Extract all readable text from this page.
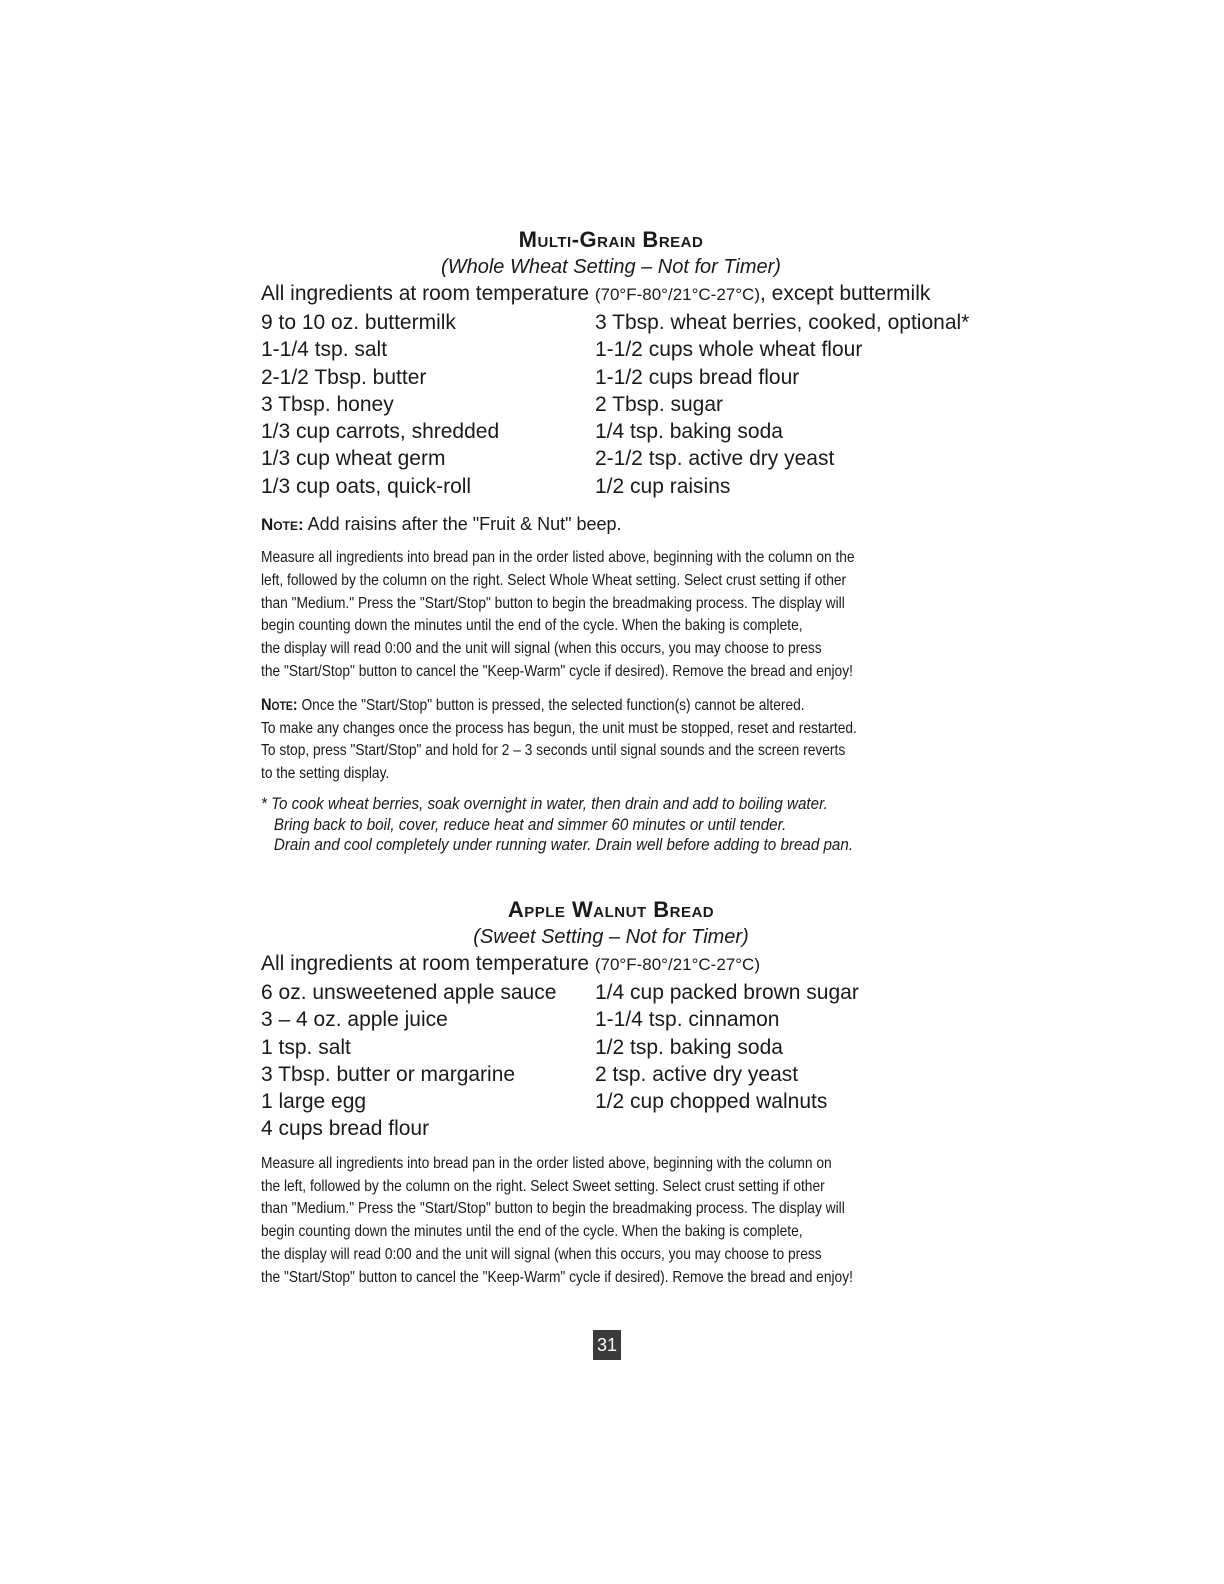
Multi-Grain Bread

(Whole Wheat Setting – Not for Timer)

All ingredients at room temperature (70°F-80°/21°C-27°C), except buttermilk

9 to 10 oz. buttermilk
1-1/4 tsp. salt
2-1/2 Tbsp. butter
3 Tbsp. honey
1/3 cup carrots, shredded
1/3 cup wheat germ
1/3 cup oats, quick-roll
3 Tbsp. wheat berries, cooked, optional*
1-1/2 cups whole wheat flour
1-1/2 cups bread flour
2 Tbsp. sugar
1/4 tsp. baking soda
2-1/2 tsp. active dry yeast
1/2 cup raisins

Note: Add raisins after the "Fruit & Nut" beep.

Measure all ingredients into bread pan in the order listed above, beginning with the column on the
left, followed by the column on the right. Select Whole Wheat setting. Select crust setting if other
than "Medium." Press the "Start/Stop" button to begin the breadmaking process. The display will
begin counting down the minutes until the end of the cycle. When the baking is complete,
the display will read 0:00 and the unit will signal (when this occurs, you may choose to press
the "Start/Stop" button to cancel the "Keep-Warm" cycle if desired). Remove the bread and enjoy!
Note: Once the "Start/Stop" button is pressed, the selected function(s) cannot be altered.
To make any changes once the process has begun, the unit must be stopped, reset and restarted.
To stop, press "Start/Stop" and hold for 2 – 3 seconds until signal sounds and the screen reverts
to the setting display.
* To cook wheat berries, soak overnight in water, then drain and add to boiling water.
Bring back to boil, cover, reduce heat and simmer 60 minutes or until tender.
Drain and cool completely under running water. Drain well before adding to bread pan.
Apple Walnut Bread

(Sweet Setting – Not for Timer)

All ingredients at room temperature (70°F-80°/21°C-27°C)

6 oz. unsweetened apple sauce
3 – 4 oz. apple juice
1 tsp. salt
3 Tbsp. butter or margarine
1 large egg
4 cups bread flour
1/4 cup packed brown sugar
1-1/4 tsp. cinnamon
1/2 tsp. baking soda
2 tsp. active dry yeast
1/2 cup chopped walnuts
Measure all ingredients into bread pan in the order listed above, beginning with the column on
the left, followed by the column on the right. Select Sweet setting. Select crust setting if other
than "Medium." Press the "Start/Stop" button to begin the breadmaking process. The display will
begin counting down the minutes until the end of the cycle. When the baking is complete,
the display will read 0:00 and the unit will signal (when this occurs, you may choose to press
the "Start/Stop" button to cancel the "Keep-Warm" cycle if desired). Remove the bread and enjoy!
31
